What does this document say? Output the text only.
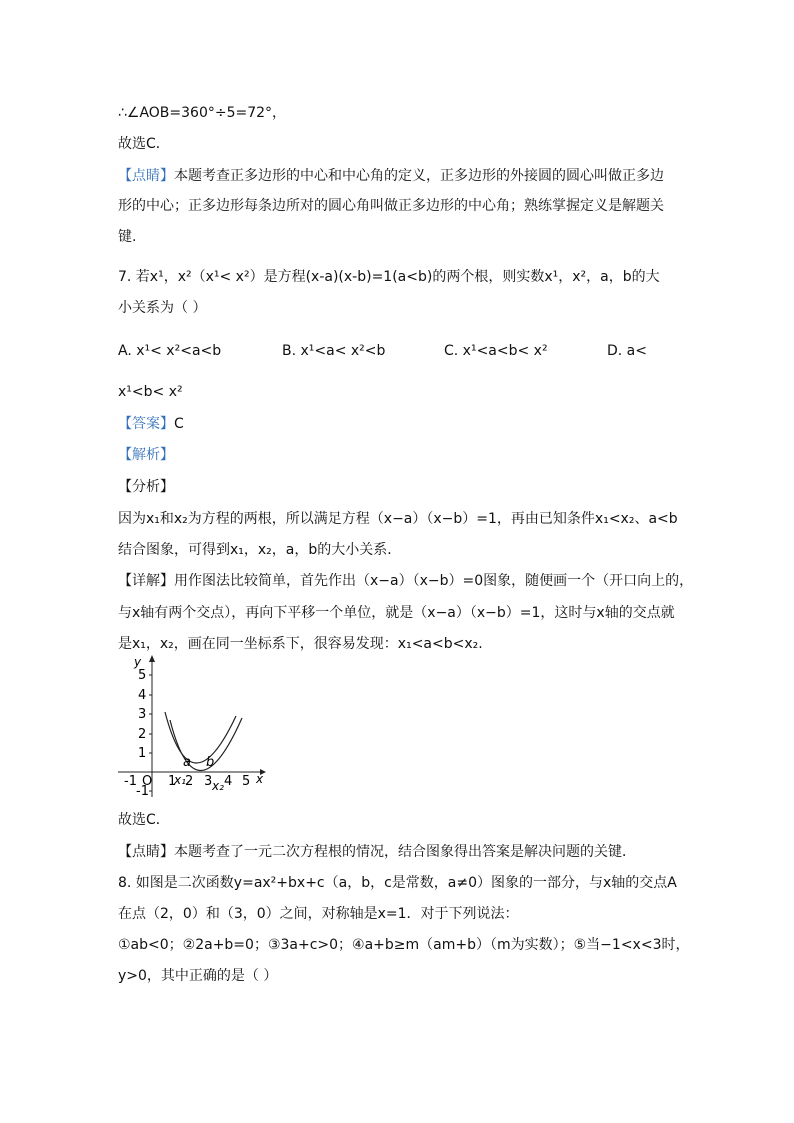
∴∠AOB=360°÷5=72°，
故选C．
【点睛】本题考查正多边形的中心和中心角的定义，正多边形的外接圆的圆心叫做正多边
形的中心；正多边形每条边所对的圆心角叫做正多边形的中心角；熟练掌握定义是解题关
键.
7. 若x¹，x²（x¹< x²）是方程(x-a)(x-b)=1(a<b)的两个根，则实数x¹，x²，a，b的大
小关系为（ ）
A. x¹< x²<a<b	B. x¹<a< x²<b	C. x¹<a<b< x²	D. a<
x¹<b< x²
【答案】C
【解析】
【分析】
因为x₁和x₂为方程的两根，所以满足方程（x−a）（x−b）=1，再由已知条件x₁<x₂、a<b
结合图象，可得到x₁，x₂，a，b的大小关系．
【详解】用作图法比较简单，首先作出（x−a）（x−b）=0图象，随便画一个（开口向上的，
与x轴有两个交点），再向下平移一个单位，就是（x−a）（x−b）=1，这时与x轴的交点就
是x₁，x₂，画在同一坐标系下，很容易发现：x₁<a<b<x₂.
y
5
4
3
2
1
-1
-1 O 1 2 3 4 5 x
a b
x₁ x₂
故选C．
【点睛】本题考查了一元二次方程根的情况，结合图象得出答案是解决问题的关键．
8. 如图是二次函数y=ax²+bx+c（a，b，c是常数，a≠0）图象的一部分，与x轴的交点A
在点（2，0）和（3，0）之间，对称轴是x=1．对于下列说法：
①ab<0；②2a+b=0；③3a+c>0；④a+b≥m（am+b）（m为实数）；⑤当−1<x<3时，
y>0，其中正确的是（ ）
